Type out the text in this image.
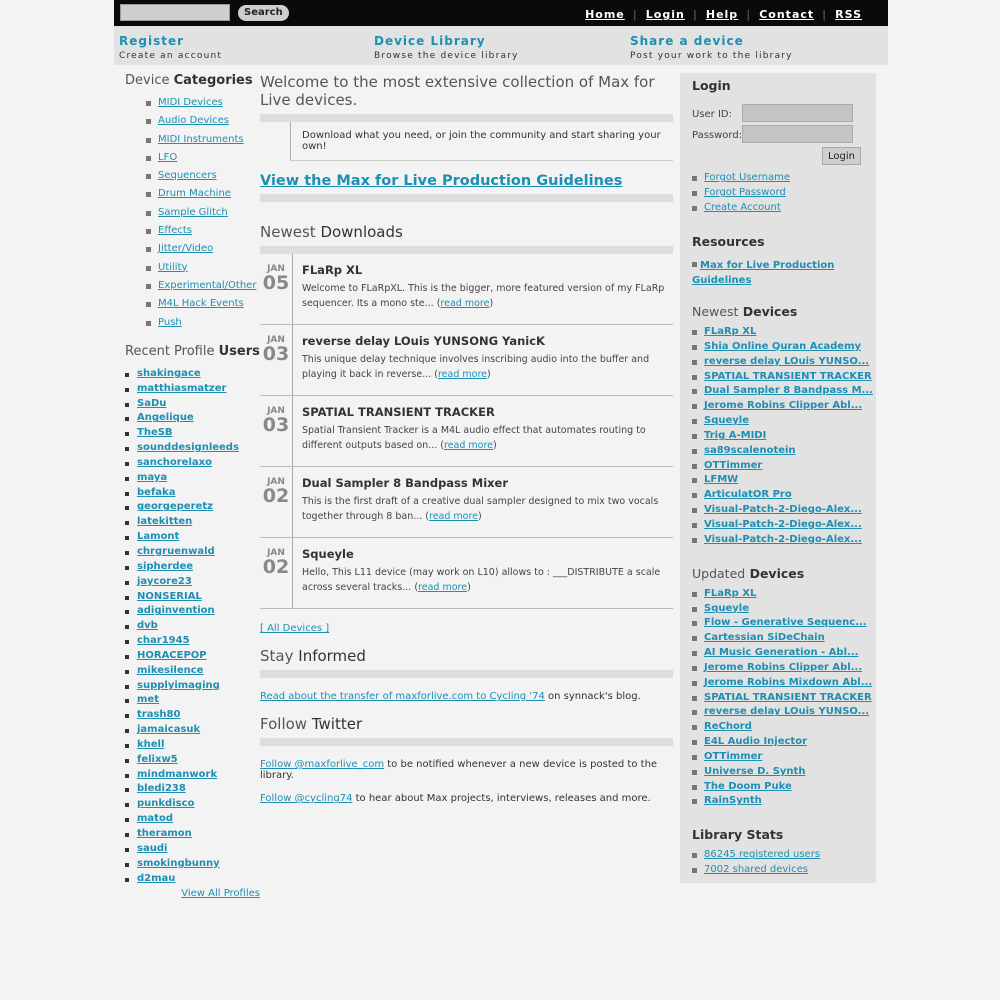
Search	Home | Login | Help | Contact | RSS
Register
Create an account
Device Library
Browse the device library
Share a device
Post your work to the library
Device Categories
MIDI Devices
Audio Devices
MIDI Instruments
LFO
Sequencers
Drum Machine
Sample Glitch
Effects
Jitter/Video
Utility
Experimental/Other
M4L Hack Events
Push
Recent Profile Users
shakingace
matthiasmatzer
SaDu
Angelique
TheSB
sounddesignleeds
sanchorelaxo
maya
befaka
georgeperetz
latekitten
Lamont
chrgruenwald
sipherdee
jaycore23
NONSERIAL
adiginvention
dvb
char1945
HORACEPOP
mikesilence
supplyimaging
met
trash80
jamaicasuk
khell
felixw5
mindmanwork
bledi238
punkdisco
matod
theramon
saudi
smokingbunny
d2mau
View All Profiles
Welcome to the most extensive collection of Max for Live devices.
Download what you need, or join the community and start sharing your own!
View the Max for Live Production Guidelines
Newest Downloads
JAN
05
FLaRp XL
Welcome to FLaRpXL. This is the bigger, more featured version of my FLaRp sequencer. Its a mono ste... (read more)
JAN
03
reverse delay LOuis YUNSONG YanicK
This unique delay technique involves inscribing audio into the buffer and playing it back in reverse... (read more)
JAN
03
SPATIAL TRANSIENT TRACKER
Spatial Transient Tracker is a M4L audio effect that automates routing to different outputs based on... (read more)
JAN
02
Dual Sampler 8 Bandpass Mixer
This is the first draft of a creative dual sampler designed to mix two vocals together through 8 ban... (read more)
JAN
02
Squeyle
Hello, This L11 device (may work on L10) allows to : ___DISTRIBUTE a scale across several tracks... (read more)
[ All Devices ]
Stay Informed
Read about the transfer of maxforlive.com to Cycling '74 on synnack's blog.
Follow Twitter
Follow @maxforlive_com to be notified whenever a new device is posted to the library.
Follow @cycling74 to hear about Max projects, interviews, releases and more.
Login
User ID:
Password:
Login
Forgot Username
Forgot Password
Create Account
Resources
Max for Live Production Guidelines
Newest Devices
FLaRp XL
Shia Online Quran Academy
reverse delay LOuis YUNSO...
SPATIAL TRANSIENT TRACKER
Dual Sampler 8 Bandpass M...
Jerome Robins Clipper Abl...
Squeyle
Trig A-MIDI
sa89scalenotein
OTTimmer
LFMW
ArticulatOR Pro
Visual-Patch-2-Diego-Alex...
Visual-Patch-2-Diego-Alex...
Visual-Patch-2-Diego-Alex...
Updated Devices
FLaRp XL
Squeyle
Flow - Generative Sequenc...
Cartessian SiDeChain
AI Music Generation - Abl...
Jerome Robins Clipper Abl...
Jerome Robins Mixdown Abl...
SPATIAL TRANSIENT TRACKER
reverse delay LOuis YUNSO...
ReChord
E4L Audio Injector
OTTimmer
Universe D. Synth
The Doom Puke
RainSynth
Library Stats
86245 registered users
7002 shared devices
